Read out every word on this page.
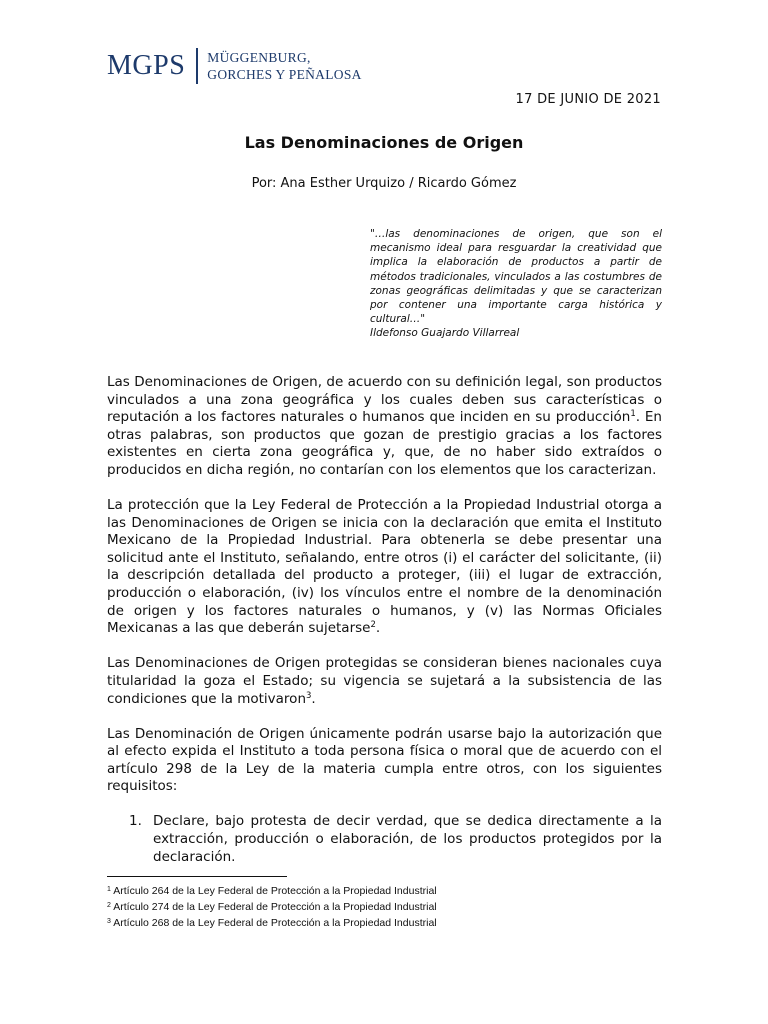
MGPS MÜGGENBURG,
GORCHES Y PEÑALOSA
17 DE JUNIO DE 2021
Las Denominaciones de Origen
Por: Ana Esther Urquizo / Ricardo Gómez
"…las denominaciones de origen, que son el mecanismo ideal para resguardar la creatividad que implica la elaboración de productos a partir de métodos tradicionales, vinculados a las costumbres de zonas geográficas delimitadas y que se caracterizan por contener una importante carga histórica y cultural…"
Ildefonso Guajardo Villarreal

Las Denominaciones de Origen, de acuerdo con su definición legal, son productos vinculados a una zona geográfica y los cuales deben sus características o reputación a los factores naturales o humanos que inciden en su producción$^1$. En otras palabras, son productos que gozan de prestigio gracias a los factores existentes en cierta zona geográfica y, que, de no haber sido extraídos o producidos en dicha región, no contarían con los elementos que los caracterizan.

La protección que la Ley Federal de Protección a la Propiedad Industrial otorga a las Denominaciones de Origen se inicia con la declaración que emita el Instituto Mexicano de la Propiedad Industrial. Para obtenerla se debe presentar una solicitud ante el Instituto, señalando, entre otros (i) el carácter del solicitante, (ii) la descripción detallada del producto a proteger, (iii) el lugar de extracción, producción o elaboración, (iv) los vínculos entre el nombre de la denominación de origen y los factores naturales o humanos, y (v) las Normas Oficiales Mexicanas a las que deberán sujetarse$^2$.

Las Denominaciones de Origen protegidas se consideran bienes nacionales cuya titularidad la goza el Estado; su vigencia se sujetará a la subsistencia de las condiciones que la motivaron$^3$.

Las Denominación de Origen únicamente podrán usarse bajo la autorización que al efecto expida el Instituto a toda persona física o moral que de acuerdo con el artículo 298 de la Ley de la materia cumpla entre otros, con los siguientes requisitos:

1. Declare, bajo protesta de decir verdad, que se dedica directamente a la extracción, producción o elaboración, de los productos protegidos por la declaración.
$^1$ Artículo 264 de la Ley Federal de Protección a la Propiedad Industrial
$^2$ Artículo 274 de la Ley Federal de Protección a la Propiedad Industrial
$^3$ Artículo 268 de la Ley Federal de Protección a la Propiedad Industrial
